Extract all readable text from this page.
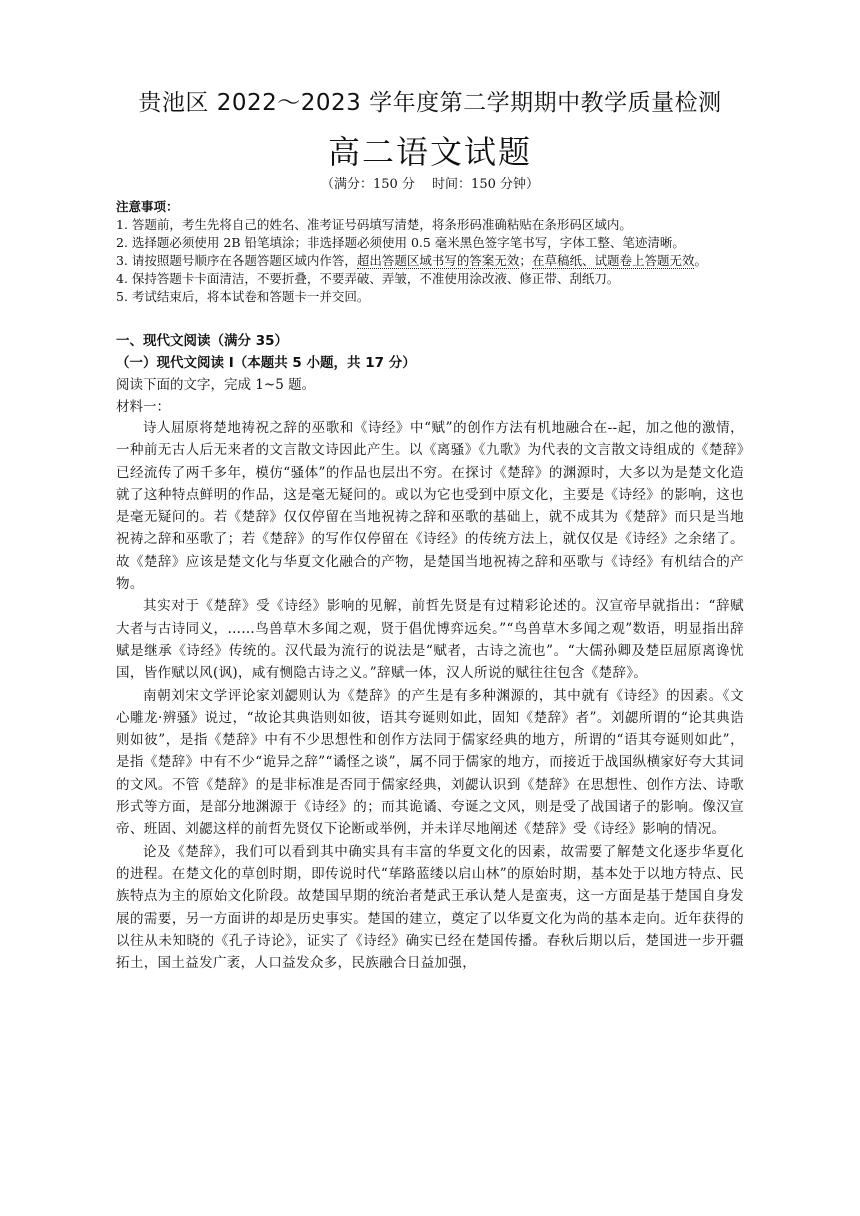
贵池区 2022～2023 学年度第二学期期中教学质量检测
高二语文试题
（满分：150 分　 时间：150 分钟）
注意事项：
1. 答题前，考生先将自己的姓名、准考证号码填写清楚，将条形码准确粘贴在条形码区域内。
2. 选择题必须使用 2B 铅笔填涂；非选择题必须使用 0.5 毫米黑色签字笔书写，字体工整、笔迹清晰。
3. 请按照题号顺序在各题答题区域内作答，超出答题区域书写的答案无效；在草稿纸、试题卷上答题无效。
4. 保持答题卡卡面清洁，不要折叠，不要弄破、弄皱，不准使用涂改液、修正带、刮纸刀。
5. 考试结束后，将本试卷和答题卡一并交回。
一、现代文阅读（满分 35）
（一）现代文阅读 I（本题共 5 小题，共 17 分）
阅读下面的文字，完成 1~5 题。
材料一：

诗人屈原将楚地祷祝之辞的巫歌和《诗经》中“赋”的创作方法有机地融合在--起，加之他的激情，一种前无古人后无来者的文言散文诗因此产生。以《离骚》《九歌》为代表的文言散文诗组成的《楚辞》已经流传了两千多年，模仿“骚体”的作品也层出不穷。在探讨《楚辞》的渊源时，大多以为是楚文化造就了这种特点鲜明的作品，这是毫无疑问的。或以为它也受到中原文化，主要是《诗经》的影响，这也是毫无疑问的。若《楚辞》仅仅停留在当地祝祷之辞和巫歌的基础上，就不成其为《楚辞》而只是当地祝祷之辞和巫歌了；若《楚辞》的写作仅停留在《诗经》的传统方法上，就仅仅是《诗经》之余绪了。故《楚辞》应该是楚文化与华夏文化融合的产物，是楚国当地祝祷之辞和巫歌与《诗经》有机结合的产物。

其实对于《楚辞》受《诗经》影响的见解，前哲先贤是有过精彩论述的。汉宣帝早就指出：“辞赋大者与古诗同义，……鸟兽草木多闻之观，贤于倡优博弈远矣。”“鸟兽草木多闻之观”数语，明显指出辞赋是继承《诗经》传统的。汉代最为流行的说法是“赋者，古诗之流也”。“大儒孙卿及楚臣屈原离谗忧国，皆作赋以风(讽)，咸有恻隐古诗之义。”辞赋一体，汉人所说的赋往往包含《楚辞》。

南朝刘宋文学评论家刘勰则认为《楚辞》的产生是有多种渊源的，其中就有《诗经》的因素。《文心雕龙·辨骚》说过，“故论其典诰则如彼，语其夸诞则如此，固知《楚辞》者”。刘勰所谓的“论其典诰则如彼”，是指《楚辞》中有不少思想性和创作方法同于儒家经典的地方，所谓的“语其夸诞则如此”，是指《楚辞》中有不少“诡异之辞”“谲怪之谈”，属不同于儒家的地方，而接近于战国纵横家好夸大其词的文风。不管《楚辞》的是非标准是否同于儒家经典，刘勰认识到《楚辞》在思想性、创作方法、诗歌形式等方面，是部分地渊源于《诗经》的；而其诡谲、夸诞之文风，则是受了战国诸子的影响。像汉宣帝、班固、刘勰这样的前哲先贤仅下论断或举例，并未详尽地阐述《楚辞》受《诗经》影响的情况。

论及《楚辞》，我们可以看到其中确实具有丰富的华夏文化的因素，故需要了解楚文化逐步华夏化的进程。在楚文化的草创时期，即传说时代“荜路蓝缕以启山林”的原始时期，基本处于以地方特点、民族特点为主的原始文化阶段。故楚国早期的统治者楚武王承认楚人是蛮夷，这一方面是基于楚国自身发展的需要，另一方面讲的却是历史事实。楚国的建立，奠定了以华夏文化为尚的基本走向。近年获得的以往从未知晓的《孔子诗论》，证实了《诗经》确实已经在楚国传播。春秋后期以后，楚国进一步开疆拓土，国土益发广袤，人口益发众多，民族融合日益加强，
